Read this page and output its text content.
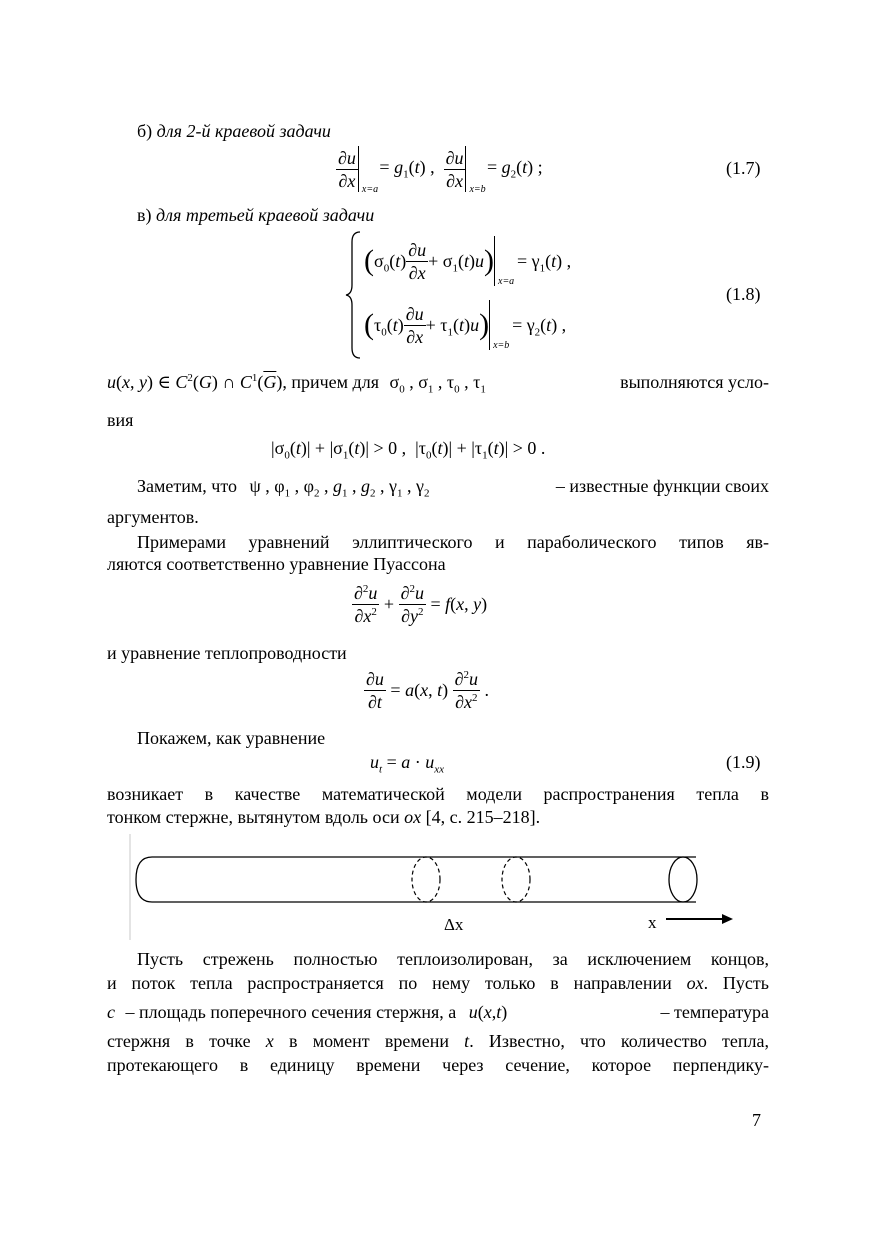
б) для 2-й краевой задачи
$\frac{\partial u}{\partial x} x=a$
= $g_1(t)$ , $\frac{\partial u}{\partial x} x=b$
= $g_2(t)$ ;	(1.7)
в) для третьей краевой задачи
$(\sigma_0(t) \frac{\partial u}{\partial x} + \sigma_1(t)u)$
x=a
= $\gamma_1(t)$ ,
$(\tau_0(t) \frac{\partial u}{\partial x} + \tau_1(t)u)$
x=b
= $\gamma_2(t)$ ,
(1.8)
u(x, y) ∈ $C^2(G)$ ∩ $C^1(\overline{G})$, причем для $\sigma_0$ , $\sigma_1$ , $\tau_0$ , $\tau_1$	выполняются усло-
вия
$|\sigma_0(t)| + |\sigma_1(t)| > 0$ ,  $|\tau_0(t)| + |\tau_1(t)| > 0$ .
Заметим, что ψ , $\varphi_1$ , $\varphi_2$ , $g_1$ , $g_2$ , $\gamma_1$ , $\gamma_2$	– известные функции своих
аргументов.
Примерами уравнений эллиптического и параболического типов яв-
ляются соответственно уравнение Пуассона
$\frac{\partial^2u}{\partial x^2} + \frac{\partial^2u}{\partial y^2} = f(x$, y)
и уравнение теплопроводности
$\frac{\partial u}{\partial t} = a(x$, $t) \frac{\partial^2u}{\partial x^2}$ .
Покажем, как уравнение
$u_t = a \cdot u_{xx}$	(1.9)
возникает в качестве математической модели распространения тепла в
тонком стержне, вытянутом вдоль оси ox [4, с. 215–218].
Δx	x
Пусть стрежень полностью теплоизолирован, за исключением концов,
и поток тепла распространяется по нему только в направлении ox. Пусть
c – площадь поперечного сечения стержня, а u(x,t)	– температура
стержня в точке x в момент времени t. Известно, что количество тепла,
протекающего в единицу времени через сечение, которое перпендику-
7
